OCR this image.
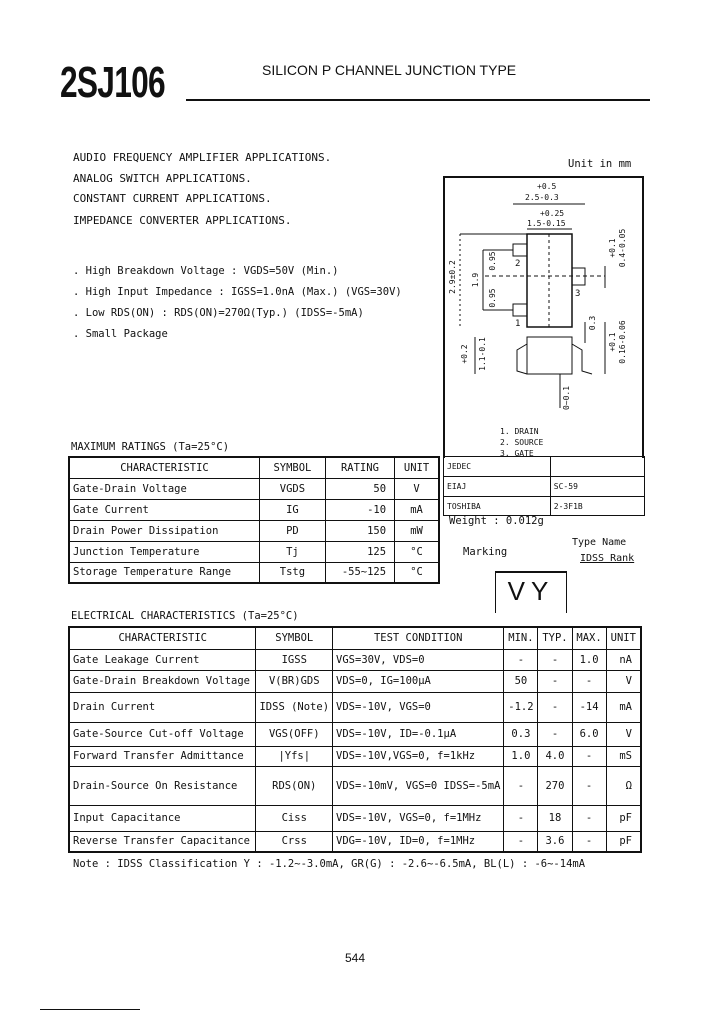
2SJ106	SILICON P CHANNEL JUNCTION TYPE
AUDIO FREQUENCY AMPLIFIER APPLICATIONS.
ANALOG SWITCH APPLICATIONS.
CONSTANT CURRENT APPLICATIONS.
IMPEDANCE CONVERTER APPLICATIONS.
. High Breakdown Voltage : VGDS=50V (Min.)
. High Input Impedance : IGSS=1.0nA (Max.) (VGS=30V)
. Low RDS(ON) : RDS(ON)=270Ω(Typ.) (IDSS=-5mA)
. Small Package
Unit in mm
+0.5
2.5-0.3
+0.25
1.5-0.15
2.9±0.2 1.9
0.95
0.95
+0.1 0.4-0.05
+0.2 1.1-0.1
0.3
+0.1 0.16-0.06
0~0.1
1
2
3
1. DRAIN
2. SOURCE
3. GATE
JEDEC	
EIAJ	SC-59
TOSHIBA	2-3F1B
Weight : 0.012g
Marking
Type Name
IDSS Rank
VY
MAXIMUM RATINGS (Ta=25°C)
CHARACTERISTIC	SYMBOL	RATING	UNIT
Gate-Drain Voltage	VGDS	50	V
Gate Current	IG	-10	mA
Drain Power Dissipation	PD	150	mW
Junction Temperature	Tj	125	°C
Storage Temperature Range	Tstg	-55~125	°C
ELECTRICAL CHARACTERISTICS (Ta=25°C)
CHARACTERISTIC	SYMBOL	TEST CONDITION	MIN.	TYP.	MAX.	UNIT
Gate Leakage Current	IGSS	VGS=30V, VDS=0	-	-	1.0	nA
Gate-Drain Breakdown Voltage	V(BR)GDS	VDS=0, IG=100μA	50	-	-	V
Drain Current	IDSS (Note)	VDS=-10V, VGS=0	-1.2	-	-14	mA
Gate-Source Cut-off Voltage	VGS(OFF)	VDS=-10V, ID=-0.1μA	0.3	-	6.0	V
Forward Transfer Admittance	|Yfs|	VDS=-10V,VGS=0, f=1kHz	1.0	4.0	-	mS
Drain-Source On Resistance	RDS(ON)	VDS=-10mV, VGS=0 IDSS=-5mA	-	270	-	Ω
Input Capacitance	Ciss	VDS=-10V, VGS=0, f=1MHz	-	18	-	pF
Reverse Transfer Capacitance	Crss	VDG=-10V, ID=0, f=1MHz	-	3.6	-	pF
Note : IDSS Classification Y : -1.2~-3.0mA, GR(G) : -2.6~-6.5mA, BL(L) : -6~-14mA
544
